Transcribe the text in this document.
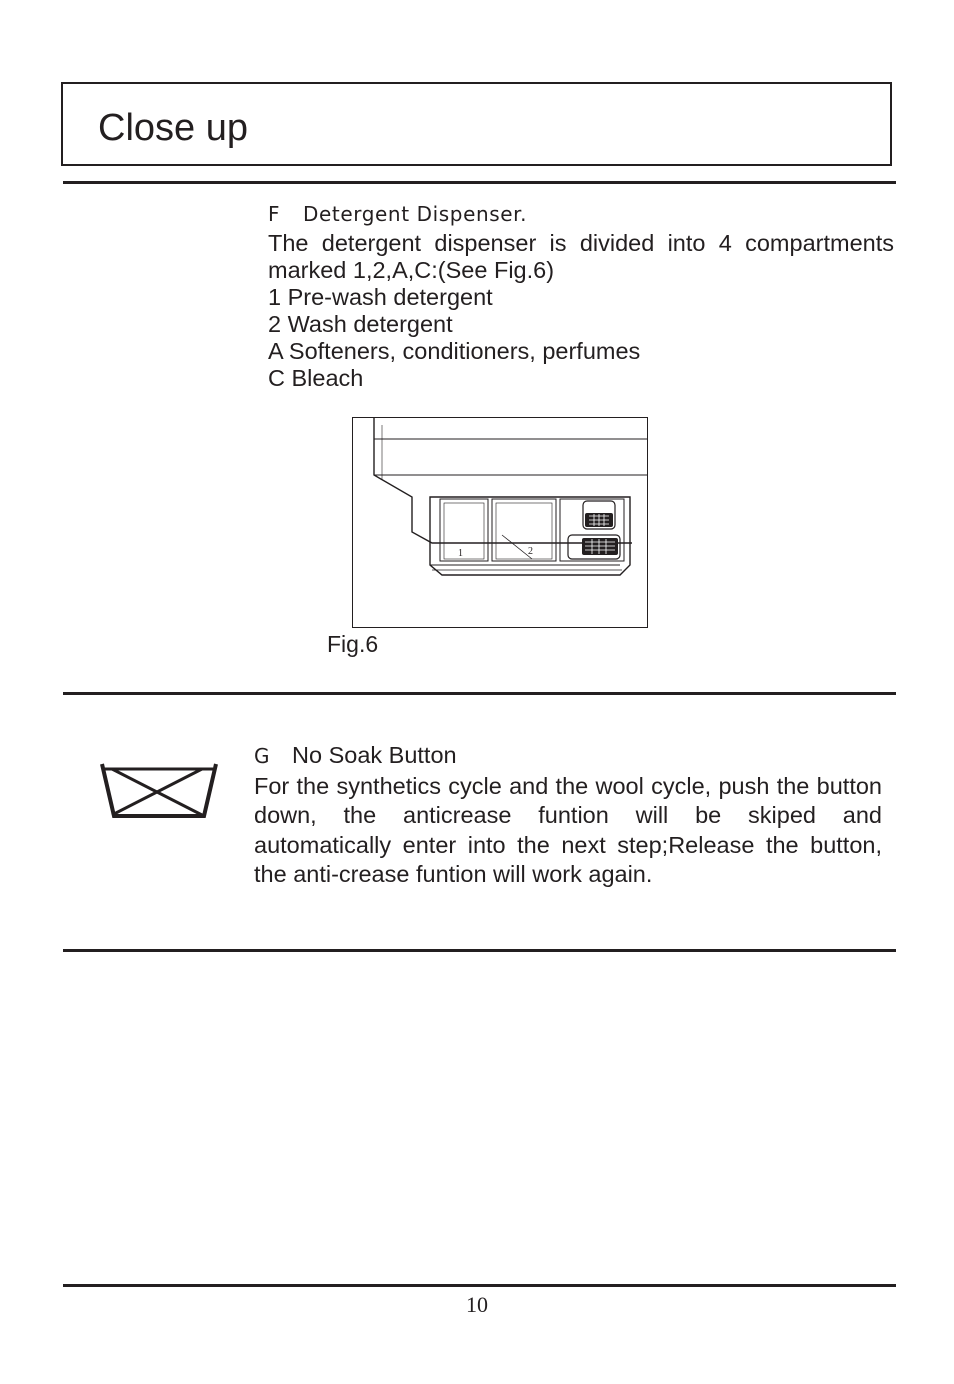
Close up
F Detergent Dispenser.

The detergent dispenser is divided into 4 compartments marked 1,2,A,C:(See Fig.6)

1 Pre-wash detergent
2 Wash detergent
A Softeners, conditioners, perfumes
C Bleach
1	2
Fig.6
G No Soak Button

For the synthetics cycle and the wool cycle, push the button down, the anticrease funtion will be skiped and automatically enter into the next step;Release the button, the anti-crease funtion will work again.

10
